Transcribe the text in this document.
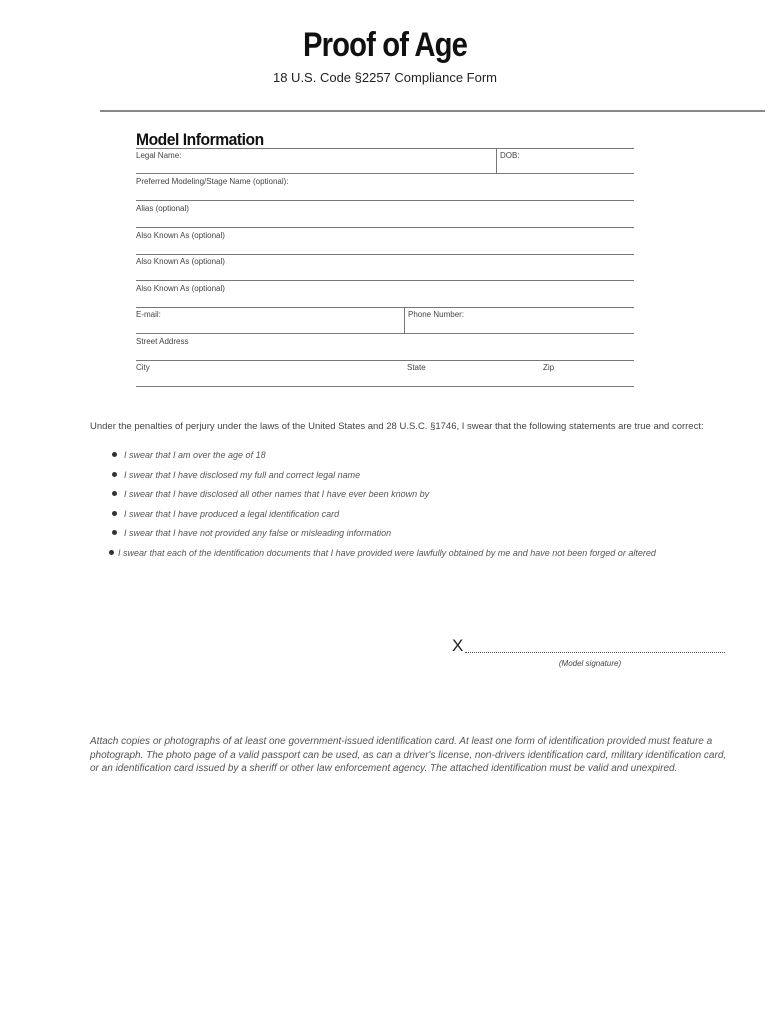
Proof of Age
18 U.S. Code §2257 Compliance Form
Model Information
Legal Name:	DOB:
Preferred Modeling/Stage Name (optional):
Alias (optional)
Also Known As (optional)
Also Known As (optional)
Also Known As (optional)
E-mail:	Phone Number:
Street Address
City	State	Zip
Under the penalties of perjury under the laws of the United States and 28 U.S.C. §1746, I swear that the following statements are true and correct:
I swear that I am over the age of 18
I swear that I have disclosed my full and correct legal name
I swear that I have disclosed all other names that I have ever been known by
I swear that I have produced a legal identification card
I swear that I have not provided any false or misleading information
I swear that each of the identification documents that I have provided were lawfully obtained by me and have not been forged or altered
X
(Model signature)
Attach copies or photographs of at least one government-issued identification card. At least one form of identification provided must feature a photograph. The photo page of a valid passport can be used, as can a driver's license, non-drivers identification card, military identification card, or an identification card issued by a sheriff or other law enforcement agency. The attached identification must be valid and unexpired.
